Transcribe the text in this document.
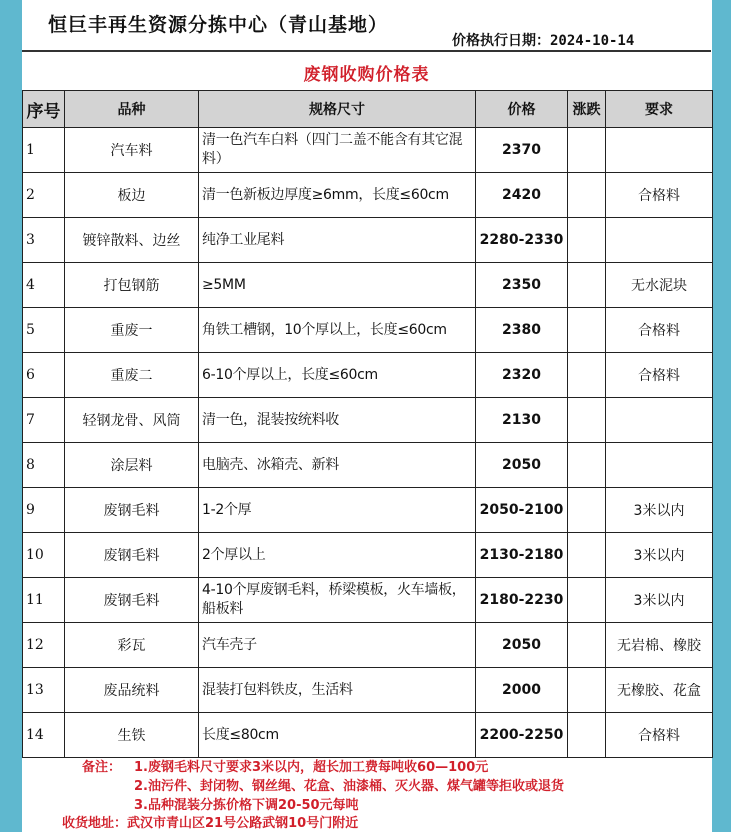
恒巨丰再生资源分拣中心（青山基地）
价格执行日期：2024-10-14
废钢收购价格表
序号	品种	规格尺寸	价格	涨跌	要求
1	汽车料	清一色汽车白料（四门二盖不能含有其它混料）	2370		
2	板边	清一色新板边厚度≥6mm，长度≤60cm	2420		合格料
3	镀锌散料、边丝	纯净工业尾料	2280-2330		
4	打包钢筋	≥5MM	2350		无水泥块
5	重废一	角铁工槽钢，10个厚以上，长度≤60cm	2380		合格料
6	重废二	6-10个厚以上，长度≤60cm	2320		合格料
7	轻钢龙骨、风筒	清一色，混装按统料收	2130		
8	涂层料	电脑壳、冰箱壳、新料	2050		
9	废钢毛料	1-2个厚	2050-2100		3米以内
10	废钢毛料	2个厚以上	2130-2180		3米以内
11	废钢毛料	4-10个厚废钢毛料，桥梁模板，火车墙板，船板料	2180-2230		3米以内
12	彩瓦	汽车壳子	2050		无岩棉、橡胶
13	废品统料	混装打包料铁皮，生活料	2000		无橡胶、花盒
14	生铁	长度≤80cm	2200-2250		合格料
备注： 1.废钢毛料尺寸要求3米以内，超长加工费每吨收60—100元
2.油污件、封闭物、钢丝绳、花盒、油漆桶、灭火器、煤气罐等拒收或退货
3.品种混装分拣价格下调20-50元每吨
收货地址：武汉市青山区21号公路武钢10号门附近
